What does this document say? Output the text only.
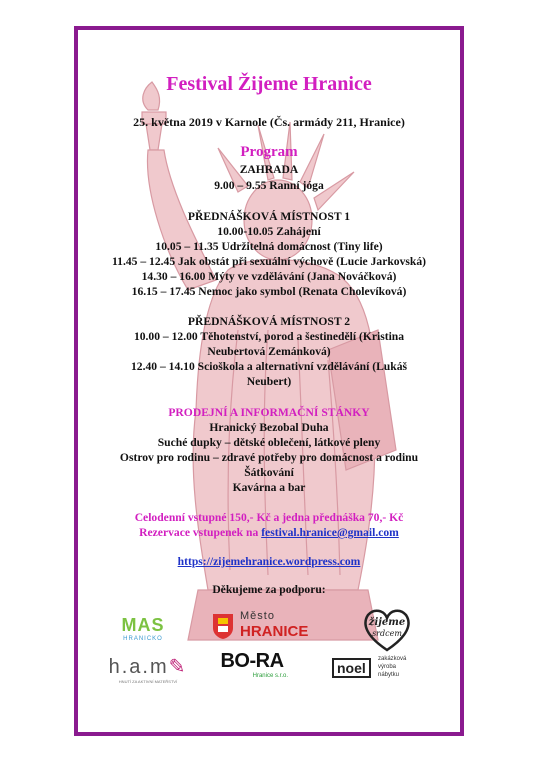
Festival Žijeme Hranice
25. května 2019 v Karnole (Čs. armády 211, Hranice)
Program
ZAHRADA
9.00 – 9.55 Ranní jóga
PŘEDNÁŠKOVÁ MÍSTNOST 1
10.00-10.05 Zahájení
10.05 – 11.35 Udržitelná domácnost (Tiny life)
11.45 – 12.45 Jak obstát při sexuální výchově (Lucie Jarkovská)
14.30 – 16.00 Mýty ve vzdělávání (Jana Nováčková)
16.15 – 17.45 Nemoc jako symbol (Renata Cholevíková)
PŘEDNÁŠKOVÁ MÍSTNOST 2
10.00 – 12.00 Těhotenství, porod a šestinedělí (Kristina
Neubertová Zemánková)
12.40 – 14.10 Scioškola a alternativní vzdělávání (Lukáš
Neubert)
PRODEJNÍ A INFORMAČNÍ STÁNKY
Hranický Bezobal Duha
Suché dupky – dětské oblečení, látkové pleny
Ostrov pro rodinu – zdravé potřeby pro domácnost a rodinu
Šátkování
Kavárna a bar
Celodenní vstupné 150,- Kč a jedna přednáška 70,- Kč
Rezervace vstupenek na festival.hranice@gmail.com
https://zijemehranice.wordpress.com
Děkujeme za podporu:
MAS
HRANICKO
Město
HRANICE
žijeme
srdcem
h.a.m✎
HNUTÍ ZA AKTIVNÍ MATEŘSTVÍ
BO-RA
Hranice s.r.o.	noel
zakázková
výroba
nábytku
